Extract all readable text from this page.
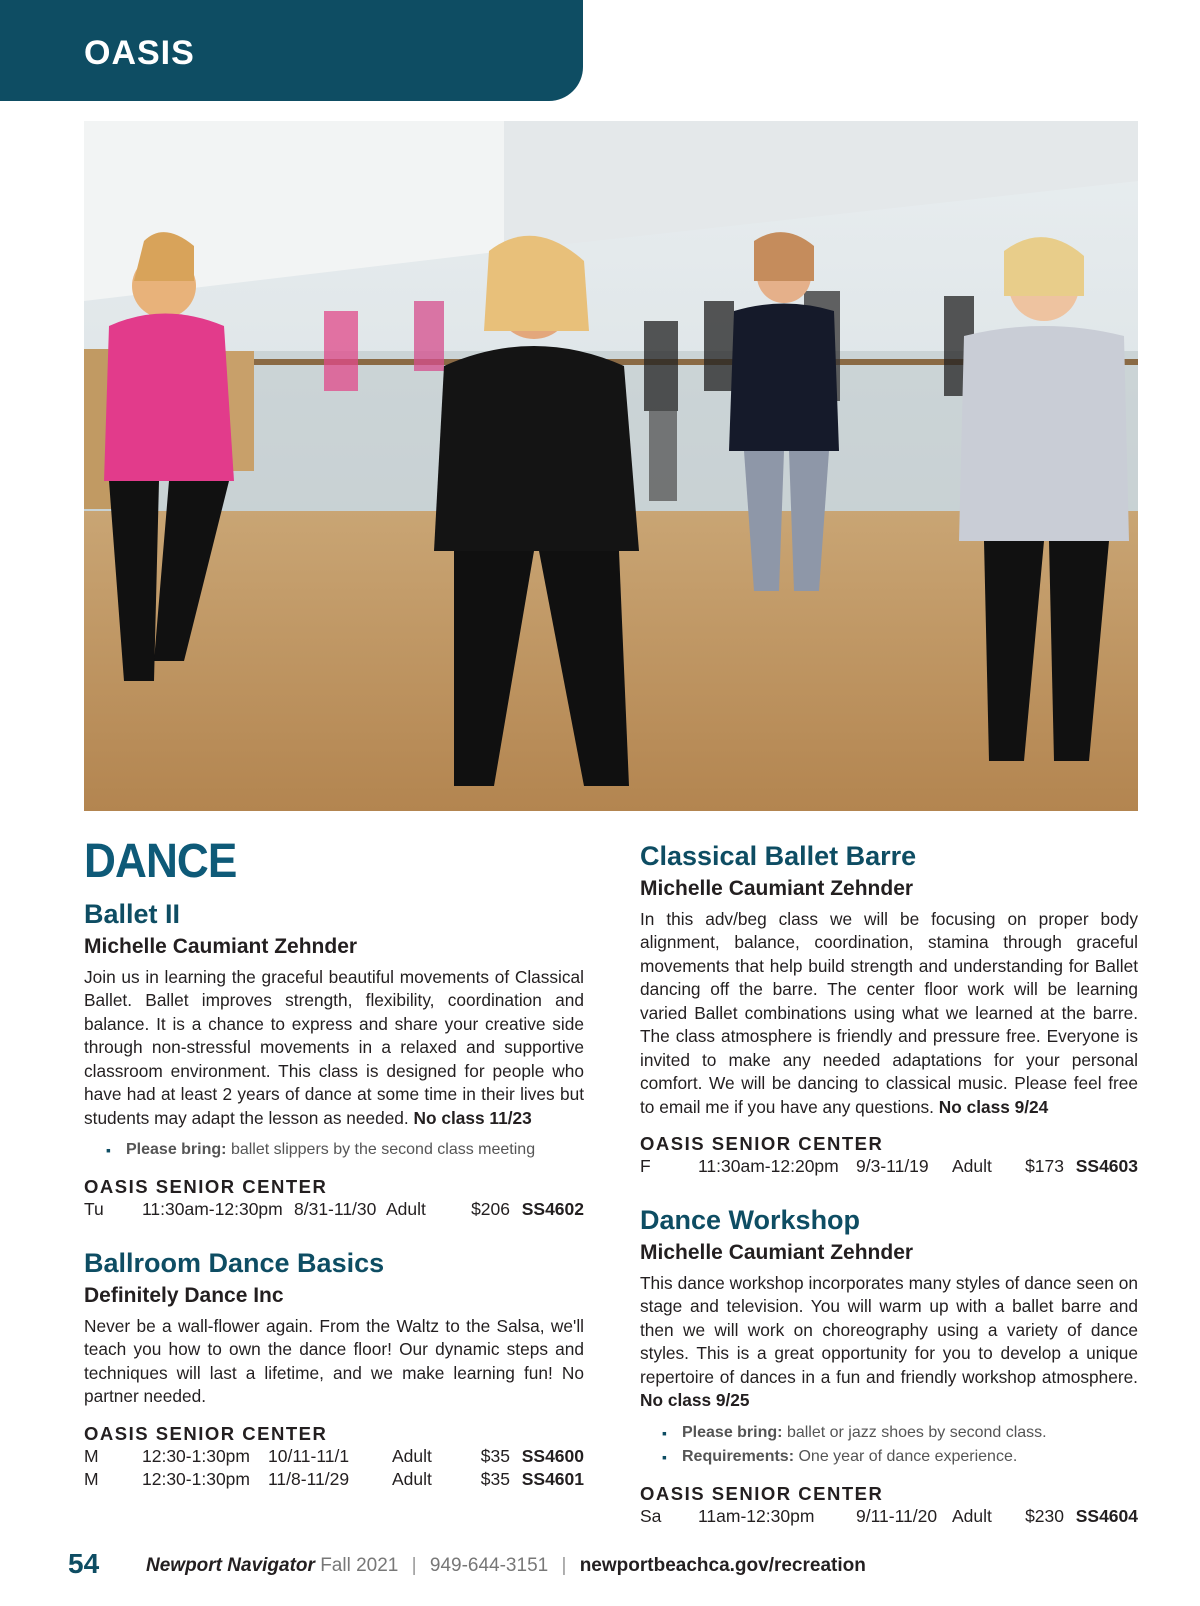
OASIS
DANCE
Ballet II
Michelle Caumiant Zehnder

Join us in learning the graceful beautiful movements of Classical Ballet. Ballet improves strength, flexibility, coordination and balance. It is a chance to express and share your creative side through non-stressful movements in a relaxed and supportive classroom environment. This class is designed for people who have had at least 2 years of dance at some time in their lives but students may adapt the lesson as needed. No class 11/23

▪ Please bring: ballet slippers by the second class meeting
OASIS SENIOR CENTER
Tu	11:30am-12:30pm	8/31-11/30	Adult	$206	SS4602
Ballroom Dance Basics
Definitely Dance Inc

Never be a wall-flower again. From the Waltz to the Salsa, we'll teach you how to own the dance floor! Our dynamic steps and techniques will last a lifetime, and we make learning fun! No partner needed.

OASIS SENIOR CENTER
M	12:30-1:30pm	10/11-11/1	Adult	$35	SS4600
M	12:30-1:30pm	11/8-11/29	Adult	$35	SS4601
Classical Ballet Barre
Michelle Caumiant Zehnder

In this adv/beg class we will be focusing on proper body alignment, balance, coordination, stamina through graceful movements that help build strength and understanding for Ballet dancing off the barre. The center floor work will be learning varied Ballet combinations using what we learned at the barre. The class atmosphere is friendly and pressure free. Everyone is invited to make any needed adaptations for your personal comfort. We will be dancing to classical music. Please feel free to email me if you have any questions. No class 9/24

OASIS SENIOR CENTER
F	11:30am-12:20pm	9/3-11/19	Adult	$173	SS4603
Dance Workshop
Michelle Caumiant Zehnder

This dance workshop incorporates many styles of dance seen on stage and television. You will warm up with a ballet barre and then we will work on choreography using a variety of dance styles. This is a great opportunity for you to develop a unique repertoire of dances in a fun and friendly workshop atmosphere. No class 9/25

▪ Please bring: ballet or jazz shoes by second class.
▪ Requirements: One year of dance experience.
OASIS SENIOR CENTER
Sa	11am-12:30pm	9/11-11/20	Adult	$230	SS4604
54 Newport Navigator Fall 2021 | 949-644-3151 | newportbeachca.gov/recreation
